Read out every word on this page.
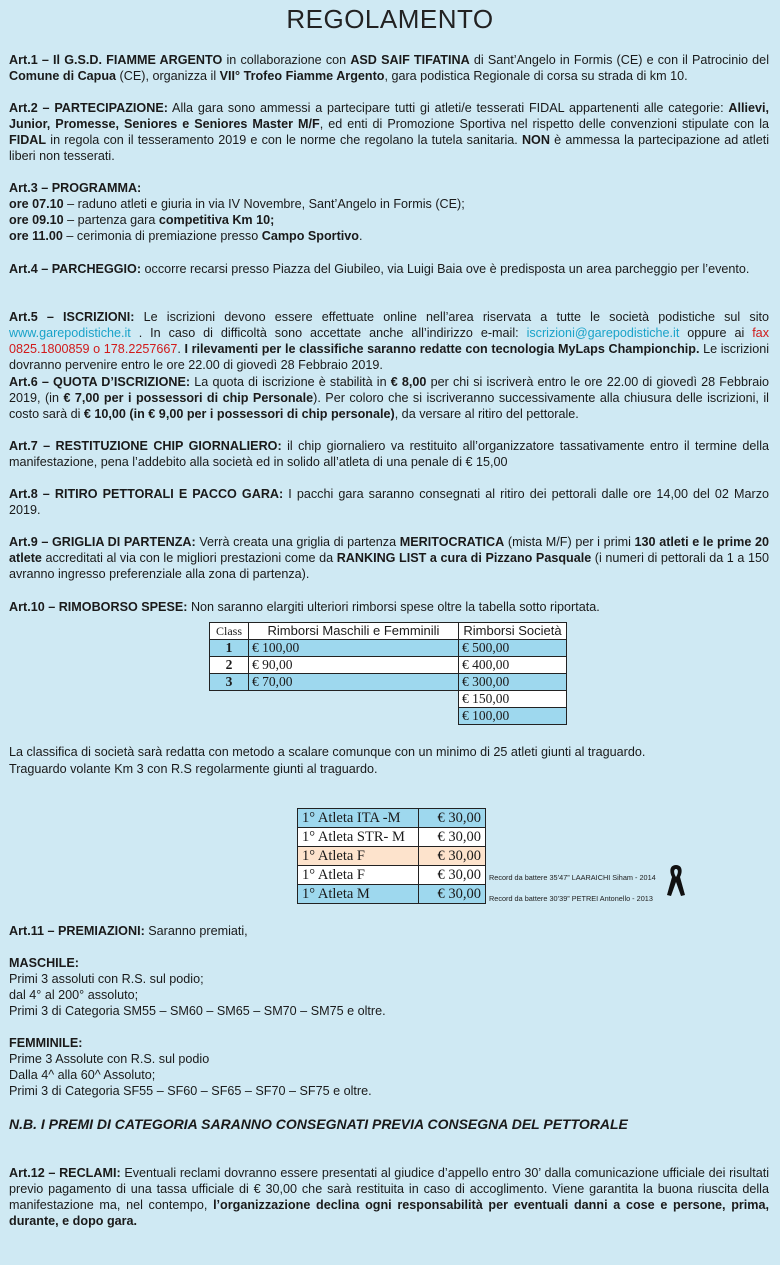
REGOLAMENTO

Art.1 – Il G.S.D. FIAMME ARGENTO in collaborazione con ASD SAIF TIFATINA di Sant’Angelo in Formis (CE) e con il Patrocinio del Comune di Capua (CE), organizza il VII° Trofeo Fiamme Argento, gara podistica Regionale di corsa su strada di km 10.

Art.2 – PARTECIPAZIONE: Alla gara sono ammessi a partecipare tutti gi atleti/e tesserati FIDAL appartenenti alle categorie: Allievi, Junior, Promesse, Seniores e Seniores Master M/F, ed enti di Promozione Sportiva nel rispetto delle convenzioni stipulate con la FIDAL in regola con il tesseramento 2019 e con le norme che regolano la tutela sanitaria. NON è ammessa la partecipazione ad atleti liberi non tesserati.

Art.3 – PROGRAMMA:
ore 07.10 – raduno atleti e giuria in via IV Novembre, Sant’Angelo in Formis (CE);
ore 09.10 – partenza gara competitiva Km 10;
ore 11.00 – cerimonia di premiazione presso Campo Sportivo.

Art.4 – PARCHEGGIO: occorre recarsi presso Piazza del Giubileo, via Luigi Baia ove è predisposta un area parcheggio per l’evento.

Art.5 – ISCRIZIONI: Le iscrizioni devono essere effettuate online nell’area riservata a tutte le società podistiche sul sito www.garepodistiche.it . In caso di difficoltà sono accettate anche all’indirizzo e-mail: iscrizioni@garepodistiche.it oppure ai fax 0825.1800859 o 178.2257667. I rilevamenti per le classifiche saranno redatte con tecnologia MyLaps Championchip. Le iscrizioni dovranno pervenire entro le ore 22.00 di giovedì 28 Febbraio 2019.

Art.6 – QUOTA D’ISCRIZIONE: La quota di iscrizione è stabilità in € 8,00 per chi si iscriverà entro le ore 22.00 di giovedì 28 Febbraio 2019, (in € 7,00 per i possessori di chip Personale). Per coloro che si iscriveranno successivamente alla chiusura delle iscrizioni, il costo sarà di € 10,00 (in € 9,00 per i possessori di chip personale), da versare al ritiro del pettorale.

Art.7 – RESTITUZIONE CHIP GIORNALIERO: il chip giornaliero va restituito all’organizzatore tassativamente entro il termine della manifestazione, pena l’addebito alla società ed in solido all’atleta di una penale di € 15,00

Art.8 – RITIRO PETTORALI E PACCO GARA: I pacchi gara saranno consegnati al ritiro dei pettorali dalle ore 14,00 del 02 Marzo 2019.

Art.9 – GRIGLIA DI PARTENZA: Verrà creata una griglia di partenza MERITOCRATICA (mista M/F) per i primi 130 atleti e le prime 20 atlete accreditati al via con le migliori prestazioni come da RANKING LIST a cura di Pizzano Pasquale (i numeri di pettorali da 1 a 150 avranno ingresso preferenziale alla zona di partenza).

Art.10 – RIMOBORSO SPESE: Non saranno elargiti ulteriori rimborsi spese oltre la tabella sotto riportata.

Class	Rimborsi Maschili e Femminili	Rimborsi Società
1	€ 100,00	€ 500,00
2	€ 90,00	€ 400,00
3	€ 70,00	€ 300,00
		€ 150,00
		€ 100,00

La classifica di società sarà redatta con metodo a scalare comunque con un minimo di 25 atleti giunti al traguardo.

Traguardo volante Km 3 con R.S regolarmente giunti al traguardo.

1° Atleta ITA -M	€ 30,00
1° Atleta STR- M	€ 30,00
1° Atleta F	€ 30,00
1° Atleta F	€ 30,00
1° Atleta M	€ 30,00
Record da battere 35’47” LAARAICHI Siham - 2014
Record da battere 30’39” PETREI Antonello - 2013

Art.11 – PREMIAZIONI: Saranno premiati,

MASCHILE:
Primi 3 assoluti con R.S. sul podio;
dal 4° al 200° assoluto;
Primi 3 di Categoria SM55 – SM60 – SM65 – SM70 – SM75 e oltre.
FEMMINILE:
Prime 3 Assolute con R.S. sul podio
Dalla 4^ alla 60^ Assoluto;
Primi 3 di Categoria SF55 – SF60 – SF65 – SF70 – SF75 e oltre.
N.B. I PREMI DI CATEGORIA SARANNO CONSEGNATI PREVIA CONSEGNA DEL PETTORALE

Art.12 – RECLAMI: Eventuali reclami dovranno essere presentati al giudice d’appello entro 30’ dalla comunicazione ufficiale dei risultati previo pagamento di una tassa ufficiale di € 30,00 che sarà restituita in caso di accoglimento. Viene garantita la buona riuscita della manifestazione ma, nel contempo, l’organizzazione declina ogni responsabilità per eventuali danni a cose e persone, prima, durante, e dopo gara.
